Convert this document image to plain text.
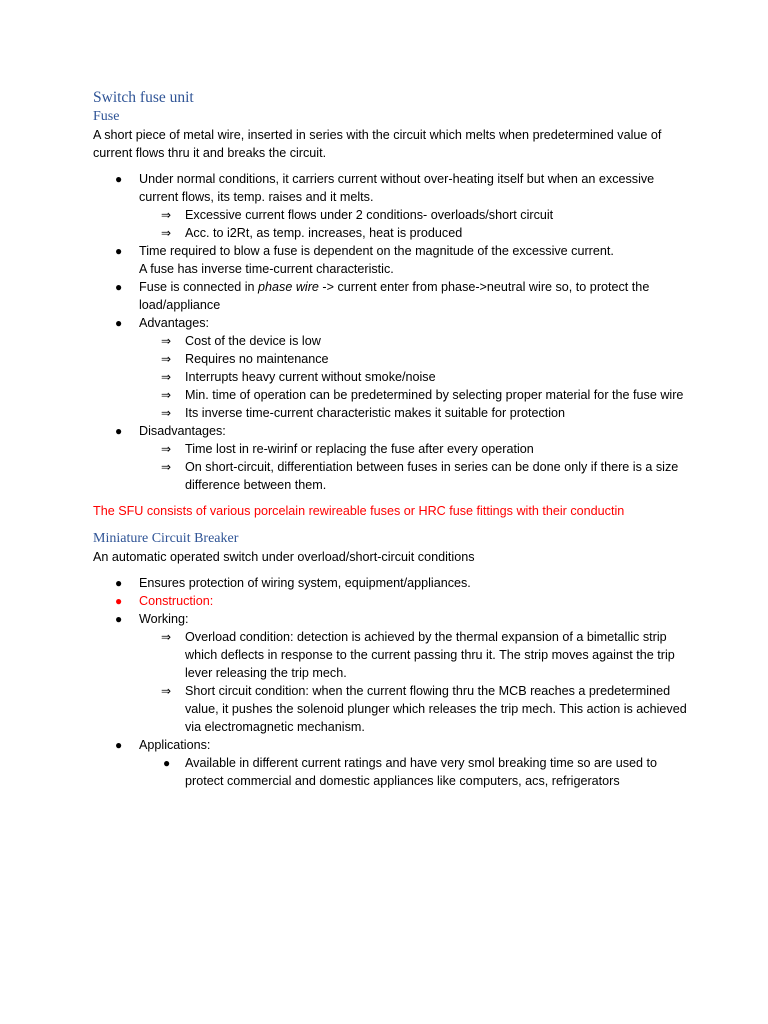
Switch fuse unit
Fuse

A short piece of metal wire, inserted in series with the circuit which melts when predetermined value of current flows thru it and breaks the circuit.

● Under normal conditions, it carriers current without over-heating itself but when an excessive current flows, its temp. raises and it melts.
⇒ Excessive current flows under 2 conditions- overloads/short circuit
⇒ Acc. to i2Rt, as temp. increases, heat is produced
● Time required to blow a fuse is dependent on the magnitude of the excessive current.
A fuse has inverse time-current characteristic.
● Fuse is connected in phase wire -> current enter from phase->neutral wire so, to protect the load/appliance
● Advantages:
⇒ Cost of the device is low
⇒ Requires no maintenance
⇒ Interrupts heavy current without smoke/noise
⇒ Min. time of operation can be predetermined by selecting proper material for the fuse wire
⇒ Its inverse time-current characteristic makes it suitable for protection
● Disadvantages:
⇒ Time lost in re-wirinf or replacing the fuse after every operation
⇒ On short-circuit, differentiation between fuses in series can be done only if there is a size difference between them.

The SFU consists of various porcelain rewireable fuses or HRC fuse fittings with their conductin

Miniature Circuit Breaker

An automatic operated switch under overload/short-circuit conditions

● Ensures protection of wiring system, equipment/appliances.
● Construction:
● Working:
⇒ Overload condition: detection is achieved by the thermal expansion of a bimetallic strip which deflects in response to the current passing thru it. The strip moves against the trip lever releasing the trip mech.
⇒ Short circuit condition: when the current flowing thru the MCB reaches a predetermined value, it pushes the solenoid plunger which releases the trip mech. This action is achieved via electromagnetic mechanism.
● Applications:
● Available in different current ratings and have very smol breaking time so are used to protect commercial and domestic appliances like computers, acs, refrigerators
